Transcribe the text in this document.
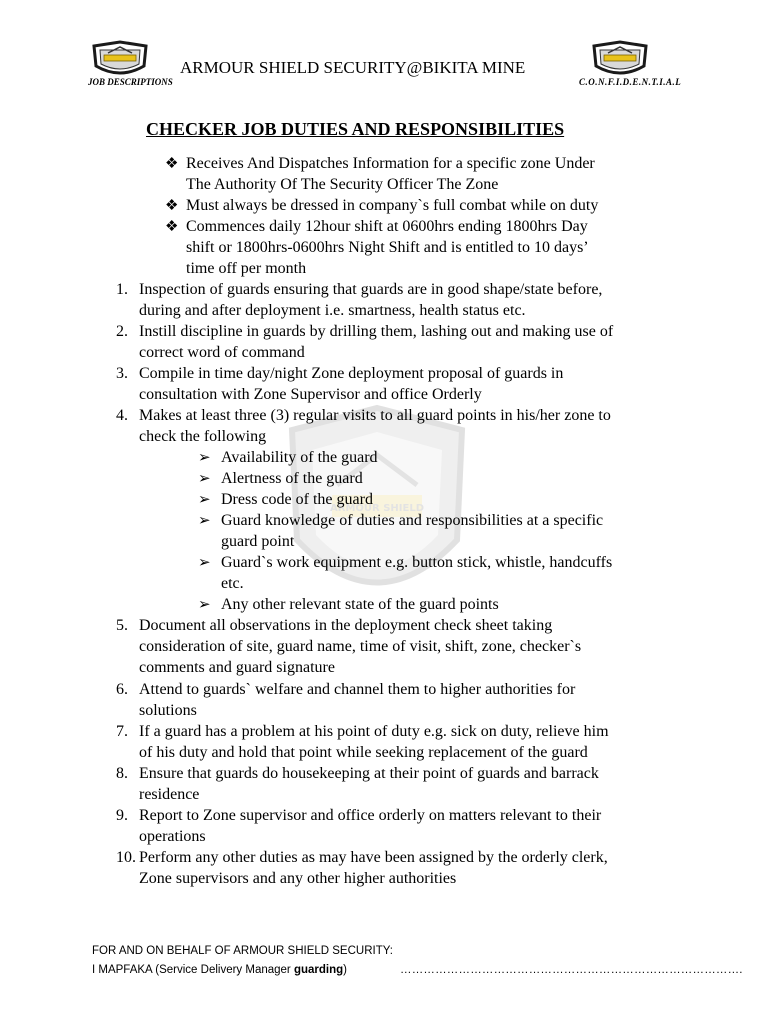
ARMOUR SHIELD SECURITY@BIKITA MINE
JOB DESCRIPTIONS	C.O.N.F.I.D.E.N.T.I.A.L
CHECKER JOB DUTIES AND RESPONSIBILITIES
ARMOUR SHIELD
❖ Receives And Dispatches Information for a specific zone Under
The Authority Of The Security Officer The Zone
❖ Must always be dressed in company`s full combat while on duty
❖ Commences daily 12hour shift at 0600hrs ending 1800hrs Day
shift or 1800hrs-0600hrs Night Shift and is entitled to 10 days’
time off per month
1. Inspection of guards ensuring that guards are in good shape/state before,
during and after deployment i.e. smartness, health status etc.
2. Instill discipline in guards by drilling them, lashing out and making use of
correct word of command
3. Compile in time day/night Zone deployment proposal of guards in
consultation with Zone Supervisor and office Orderly
4. Makes at least three (3) regular visits to all guard points in his/her zone to
check the following
➢ Availability of the guard
➢ Alertness of the guard
➢ Dress code of the guard
➢ Guard knowledge of duties and responsibilities at a specific
guard point
➢ Guard`s work equipment e.g. button stick, whistle, handcuffs
etc.
➢ Any other relevant state of the guard points
5. Document all observations in the deployment check sheet taking
consideration of site, guard name, time of visit, shift, zone, checker`s
comments and guard signature
6. Attend to guards` welfare and channel them to higher authorities for
solutions
7. If a guard has a problem at his point of duty e.g. sick on duty, relieve him
of his duty and hold that point while seeking replacement of the guard
8. Ensure that guards do housekeeping at their point of guards and barrack
residence
9. Report to Zone supervisor and office orderly on matters relevant to their
operations
10. Perform any other duties as may have been assigned by the orderly clerk,
Zone supervisors and any other higher authorities
FOR AND ON BEHALF OF ARMOUR SHIELD SECURITY:
I MAPFAKA (Service Delivery Manager guarding)	…………………………………………………………………………….
